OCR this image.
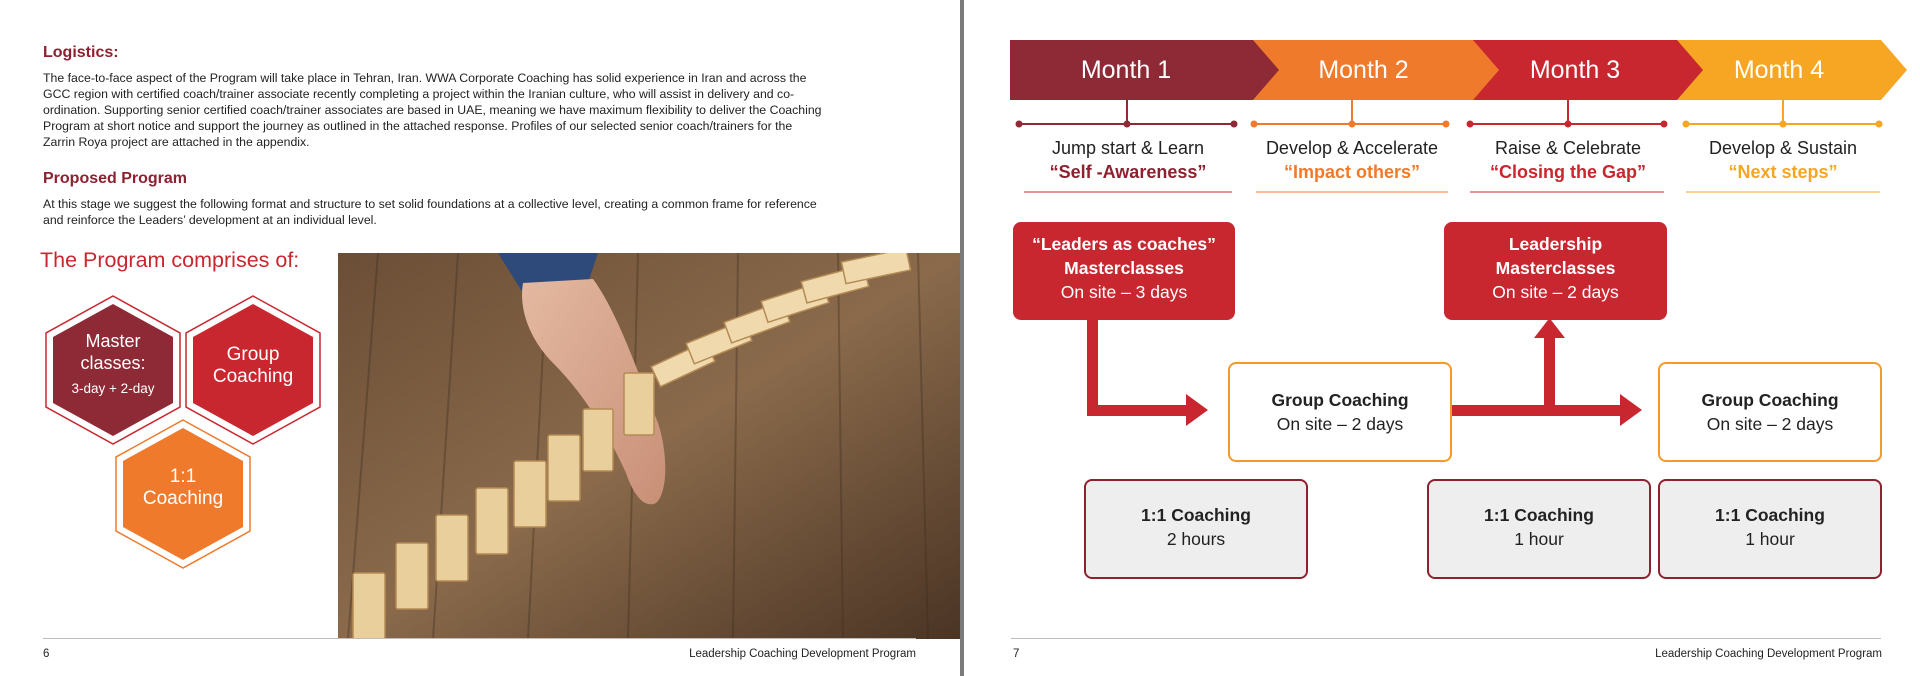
Logistics:
The face-to-face aspect of the Program will take place in Tehran, Iran. WWA Corporate Coaching has solid experience in Iran and across the
GCC region with certified coach/trainer associate recently completing a project within the Iranian culture, who will assist in delivery and co-
ordination. Supporting senior certified coach/trainer associates are based in UAE, meaning we have maximum flexibility to deliver the Coaching
Program at short notice and support the journey as outlined in the attached response. Profiles of our selected senior coach/trainers for the
Zarrin Roya project are attached in the appendix.
Proposed Program
At this stage we suggest the following format and structure to set solid foundations at a collective level, creating a common frame for reference
and reinforce the Leaders’ development at an individual level.
The Program comprises of:
Master
classes:
3-day + 2-day
Group
Coaching
1:1
Coaching
6	Leadership Coaching Development Program
Month 1	Month 2	Month 3	Month 4
Jump start & Learn
“Self -Awareness”
Develop & Accelerate
“Impact others”
Raise & Celebrate
“Closing the Gap”
Develop & Sustain
“Next steps”
“Leaders as coaches”
Masterclasses
On site – 3 days
Leadership
Masterclasses
On site – 2 days
Group Coaching
On site – 2 days
Group Coaching
On site – 2 days
1:1 Coaching
2 hours
1:1 Coaching
1 hour
1:1 Coaching
1 hour
7	Leadership Coaching Development Program
